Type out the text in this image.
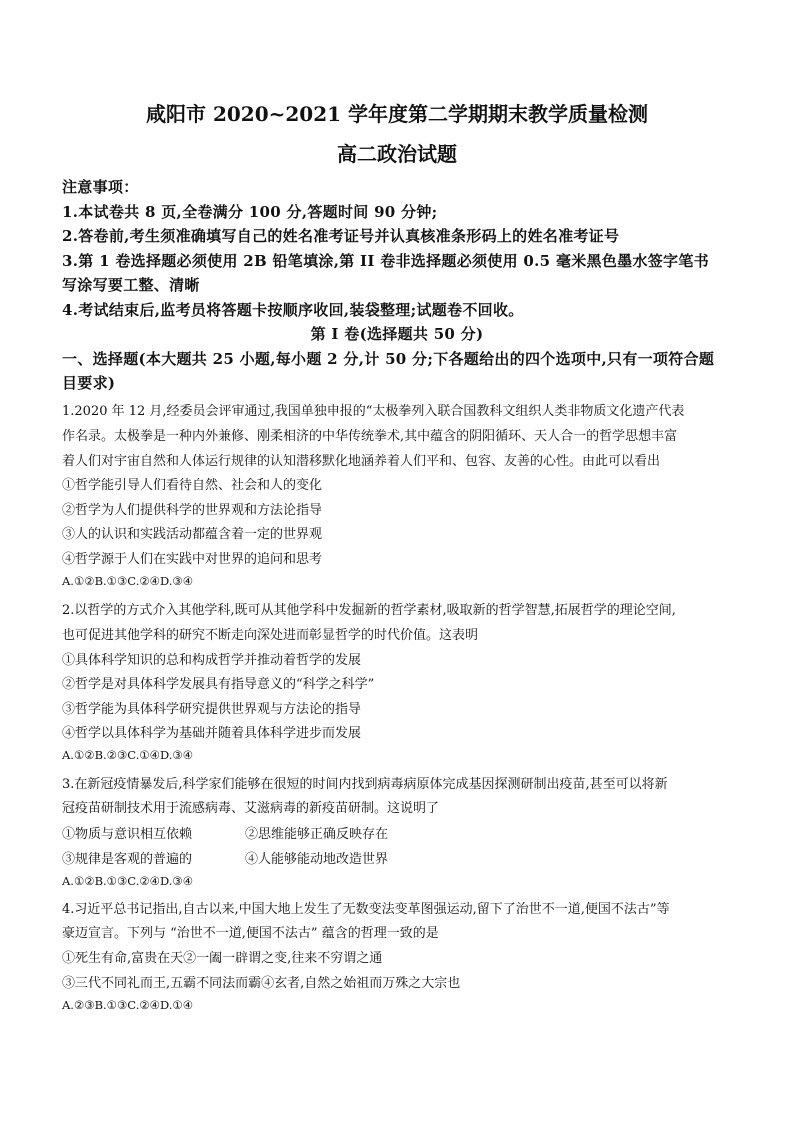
咸阳市 2020~2021 学年度第二学期期末教学质量检测
高二政治试题
注意事项：
1.本试卷共 8 页,全卷满分 100 分,答题时间 90 分钟;
2.答卷前,考生须准确填写自己的姓名准考证号并认真核准条形码上的姓名准考证号
3.第 1 卷选择题必须使用 2B 铅笔填涂,第 II 卷非选择题必须使用 0.5 毫米黑色墨水签字笔书
写涂写要工整、清晰
4.考试结束后,监考员将答题卡按顺序收回,装袋整理;试题卷不回收。
第 I 卷(选择题共 50 分)
一、选择题(本大题共 25 小题,每小题 2 分,计 50 分;下各题给出的四个选项中,只有一项符合题
目要求)
1.2020 年 12 月,经委员会评审通过,我国单独申报的“太极拳列入联合国教科文组织人类非物质文化遗产代表
作名录。太极拳是一种内外兼修、刚柔相济的中华传统拳术,其中蕴含的阴阳循环、天人合一的哲学思想丰富
着人们对宇宙自然和人体运行规律的认知潜移默化地涵养着人们平和、包容、友善的心性。由此可以看出
①哲学能引导人们看待自然、社会和人的变化
②哲学为人们提供科学的世界观和方法论指导
③人的认识和实践活动都蕴含着一定的世界观
④哲学源于人们在实践中对世界的追问和思考
A.①②B.①③C.②④D.③④
2.以哲学的方式介入其他学科,既可从其他学科中发掘新的哲学素材,吸取新的哲学智慧,拓展哲学的理论空间,
也可促进其他学科的研究不断走向深处进而彰显哲学的时代价值。这表明
①具体科学知识的总和构成哲学并推动着哲学的发展
②哲学是对具体科学发展具有指导意义的“科学之科学”
③哲学能为具体科学研究提供世界观与方法论的指导
④哲学以具体科学为基础并随着具体科学进步而发展
A.①②B.②③C.①④D.③④
3.在新冠疫情暴发后,科学家们能够在很短的时间内找到病毒病原体完成基因探测研制出疫苗,甚至可以将新
冠疫苗研制技术用于流感病毒、艾滋病毒的新疫苗研制。这说明了
①物质与意识相互依赖	②思维能够正确反映存在
③规律是客观的普遍的	④人能够能动地改造世界
A.①②B.①③C.②④D.③④
4.习近平总书记指出,自古以来,中国大地上发生了无数变法变革图强运动,留下了治世不一道,便国不法古”等
豪迈宣言。下列与 “治世不一道,便国不法古” 蕴含的哲理一致的是
①死生有命,富贵在天②一阖一辟谓之变,往来不穷谓之通
③三代不同礼而王,五霸不同法而霸④玄者,自然之始祖而万殊之大宗也
A.②③B.①③C.②④D.①④
